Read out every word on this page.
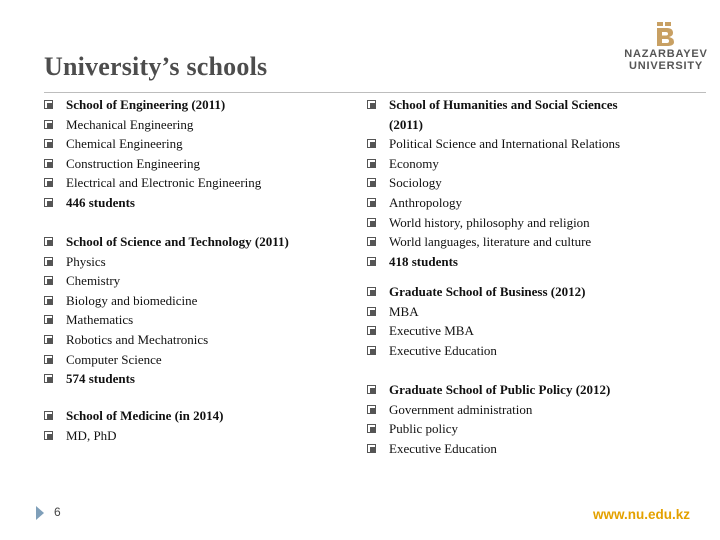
University’s schools	NAZARBAYEV
UNIVERSITY
School of Engineering (2011)
Mechanical Engineering
Chemical Engineering
Construction Engineering
Electrical and Electronic Engineering
446 students
School of Science and Technology (2011)
Physics
Chemistry
Biology and biomedicine
Mathematics
Robotics and Mechatronics
Computer Science
574 students
School of Medicine (in 2014)
MD, PhD
School of Humanities and Social Sciences (2011)
Political Science and International Relations
Economy
Sociology
Anthropology
World history, philosophy and religion
World languages, literature and culture
418 students
Graduate School of Business (2012)
MBA
Executive MBA
Executive Education
Graduate School of Public Policy (2012)
Government administration
Public policy
Executive Education
6	www.nu.edu.kz
